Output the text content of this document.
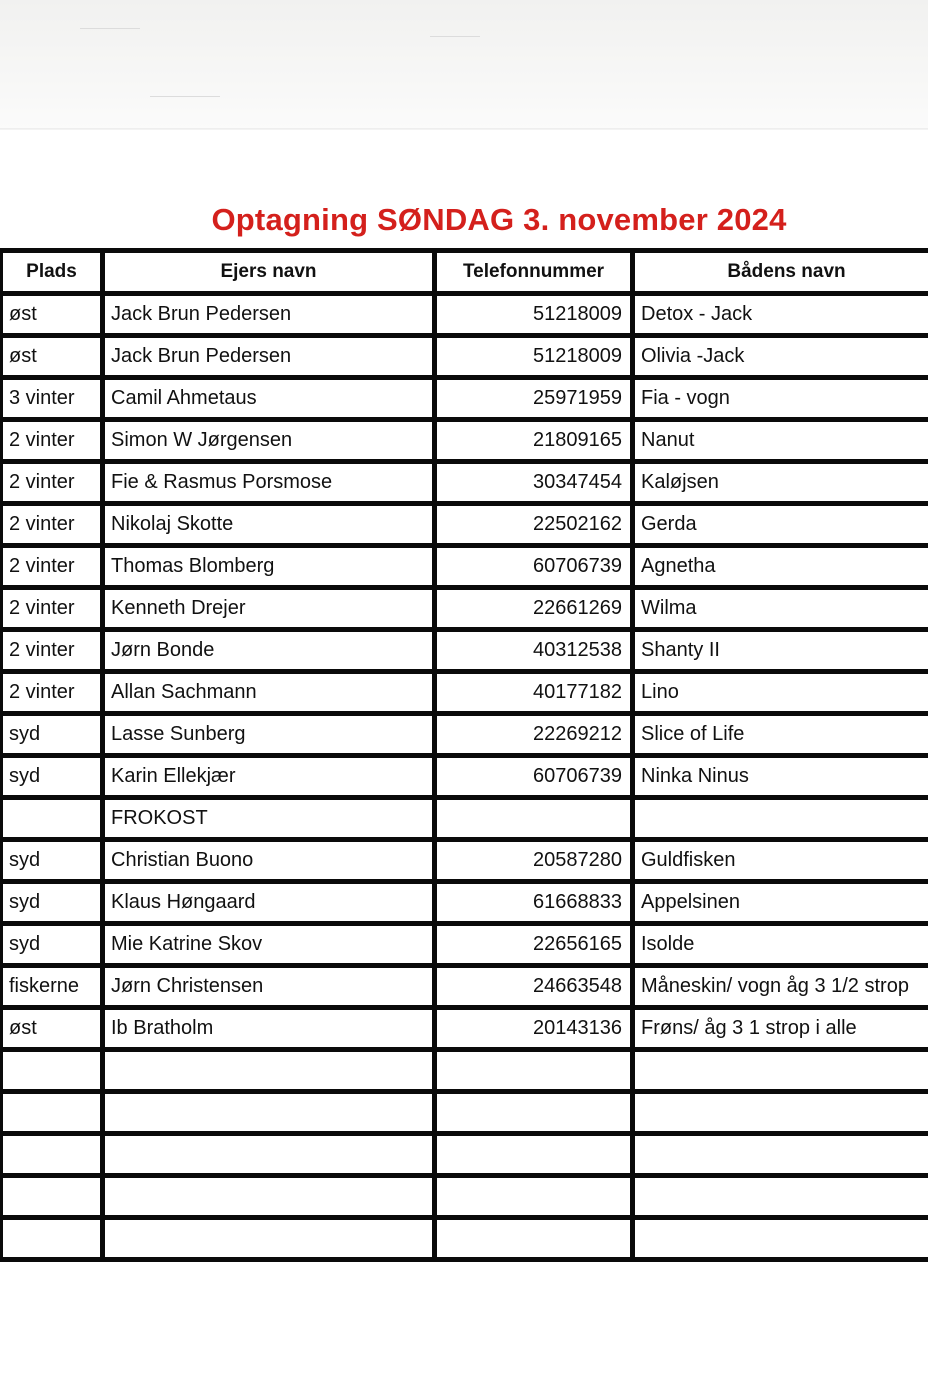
Optagning SØNDAG 3. november 2024
Plads	Ejers navn	Telefonnummer	Bådens navn
øst	Jack Brun Pedersen	51218009	Detox - Jack
øst	Jack Brun Pedersen	51218009	Olivia -Jack
3 vinter	Camil Ahmetaus	25971959	Fia - vogn
2 vinter	Simon W Jørgensen	21809165	Nanut
2 vinter	Fie & Rasmus Porsmose	30347454	Kaløjsen
2 vinter	Nikolaj Skotte	22502162	Gerda
2 vinter	Thomas Blomberg	60706739	Agnetha
2 vinter	Kenneth Drejer	22661269	Wilma
2 vinter	Jørn Bonde	40312538	Shanty II
2 vinter	Allan Sachmann	40177182	Lino
syd	Lasse Sunberg	22269212	Slice of Life
syd	Karin Ellekjær	60706739	Ninka Ninus
	FROKOST		
syd	Christian Buono	20587280	Guldfisken
syd	Klaus Høngaard	61668833	Appelsinen
syd	Mie Katrine Skov	22656165	Isolde
fiskerne	Jørn Christensen	24663548	Måneskin/ vogn åg 3 1/2 strop
øst	Ib Bratholm	20143136	Frøns/ åg 3 1 strop i alle
